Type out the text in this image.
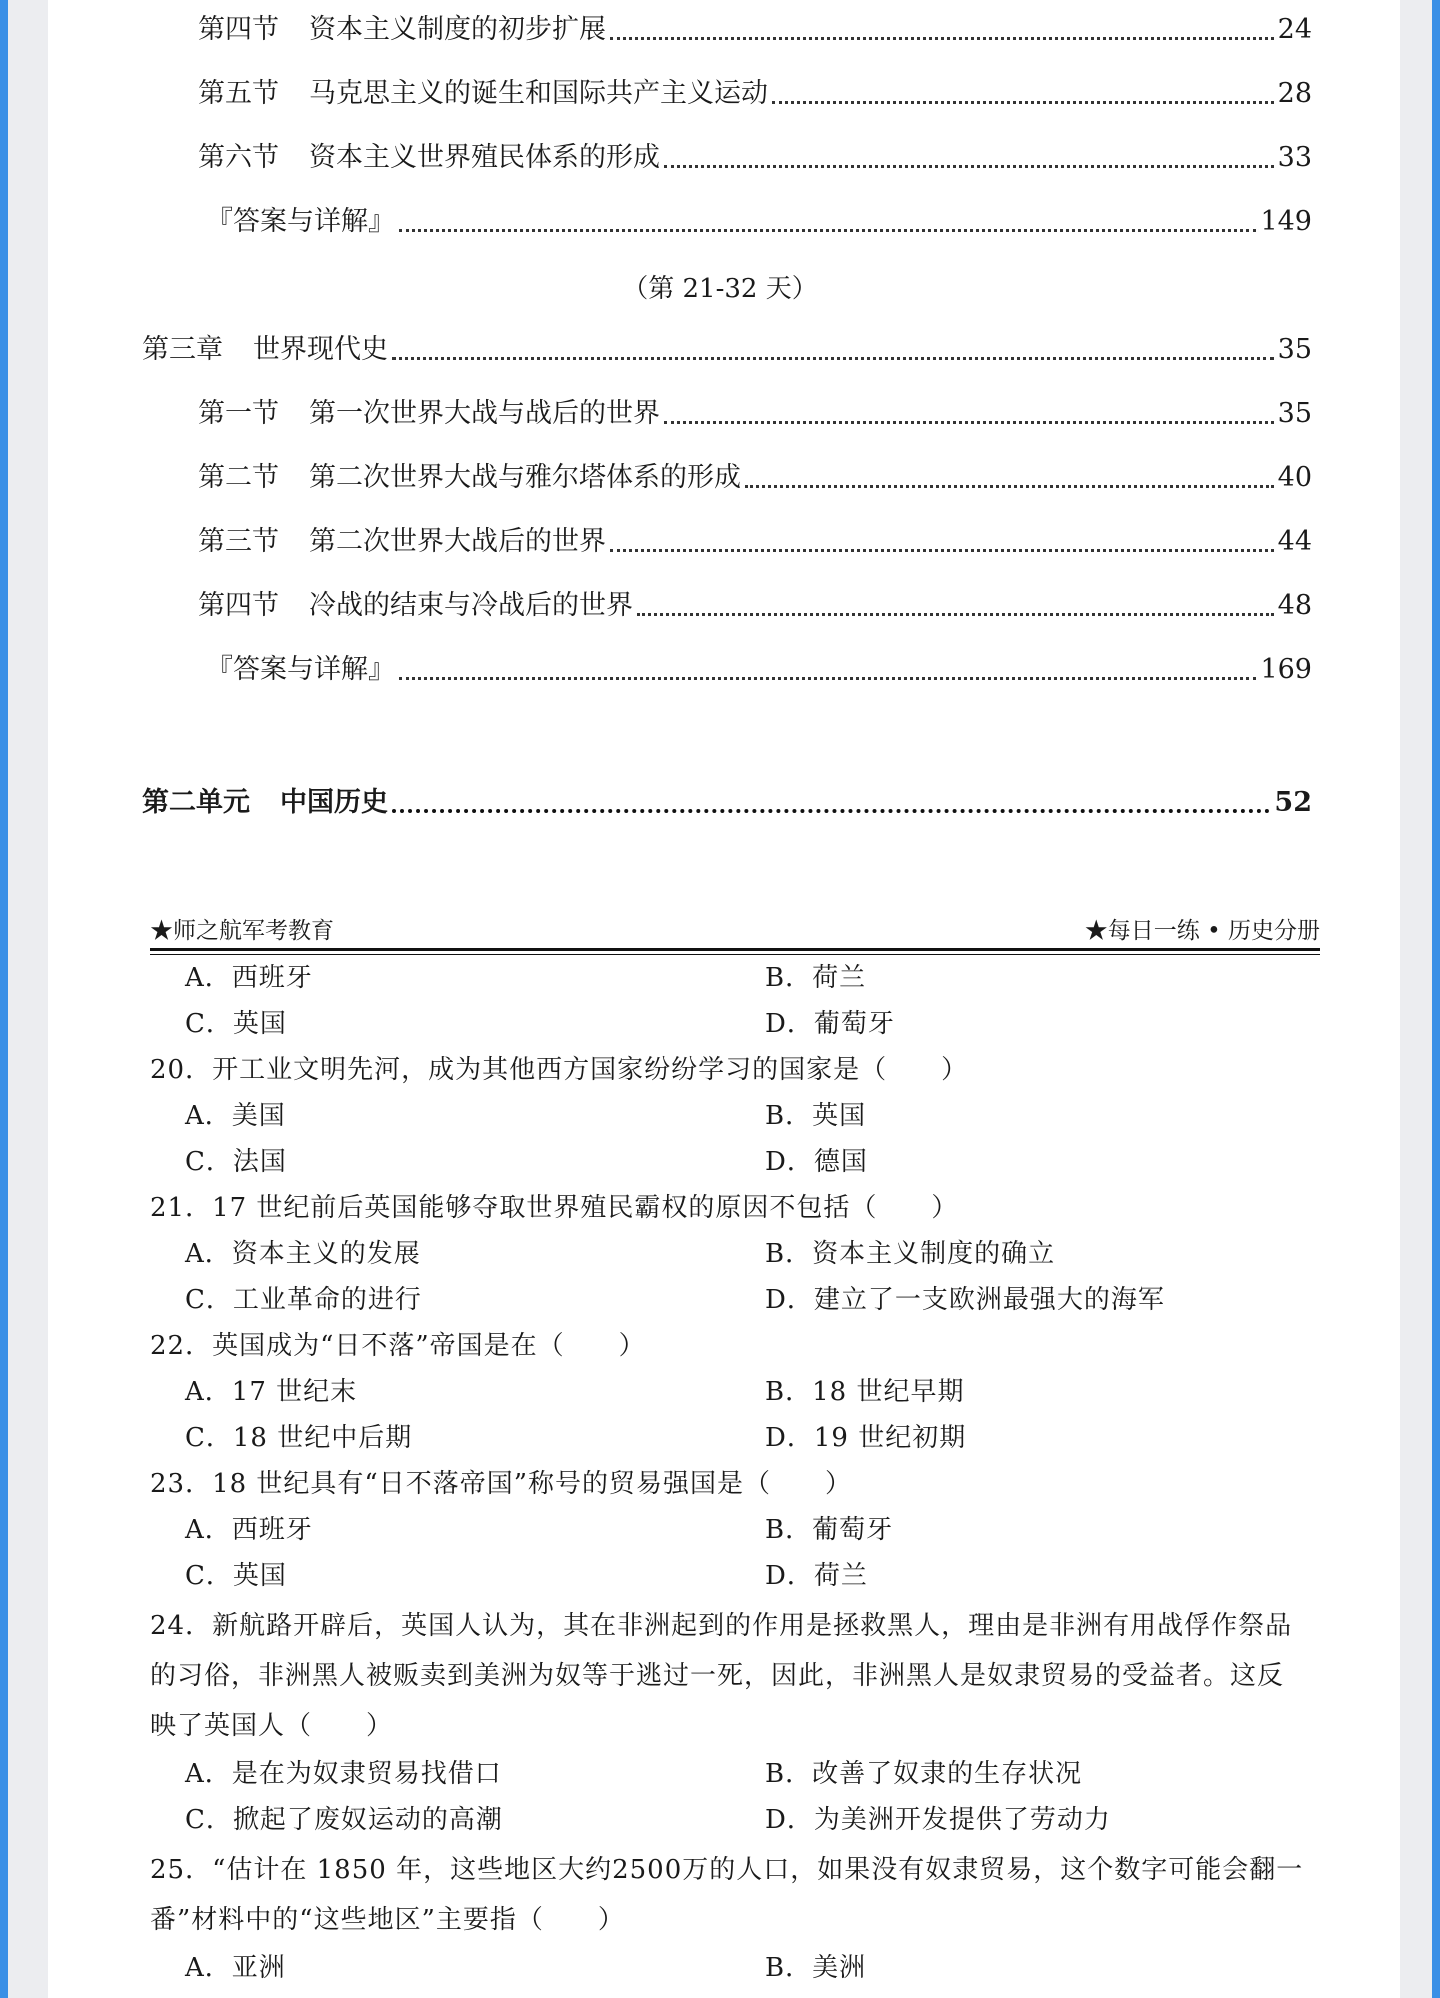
第四节 资本主义制度的初步扩展	24
第五节 马克思主义的诞生和国际共产主义运动	28
第六节 资本主义世界殖民体系的形成	33
『答案与详解』	149
（第 21-32 天）
第三章 世界现代史	35
第一节 第一次世界大战与战后的世界	35
第二节 第二次世界大战与雅尔塔体系的形成	40
第三节 第二次世界大战后的世界	44
第四节 冷战的结束与冷战后的世界	48
『答案与详解』	169
第二单元 中国历史	52
★师之航军考教育	★每日一练 • 历史分册
A．西班牙	B．荷兰
C．英国	D．葡萄牙
20．开工业文明先河，成为其他西方国家纷纷学习的国家是（　　）
A．美国	B．英国
C．法国	D．德国
21．17 世纪前后英国能够夺取世界殖民霸权的原因不包括（　　）
A．资本主义的发展	B．资本主义制度的确立
C．工业革命的进行	D．建立了一支欧洲最强大的海军
22．英国成为“日不落”帝国是在（　　）
A．17 世纪末	B．18 世纪早期
C．18 世纪中后期	D．19 世纪初期
23．18 世纪具有“日不落帝国”称号的贸易强国是（　　）
A．西班牙	B．葡萄牙
C．英国	D．荷兰
24．新航路开辟后，英国人认为，其在非洲起到的作用是拯救黑人，理由是非洲有用战俘作祭品
的习俗，非洲黑人被贩卖到美洲为奴等于逃过一死，因此，非洲黑人是奴隶贸易的受益者。这反
映了英国人（　　）
A．是在为奴隶贸易找借口	B．改善了奴隶的生存状况
C．掀起了废奴运动的高潮	D．为美洲开发提供了劳动力
25．“估计在 1850 年，这些地区大约2500万的人口，如果没有奴隶贸易，这个数字可能会翻一
番”材料中的“这些地区”主要指（　　）
A．亚洲	B．美洲
